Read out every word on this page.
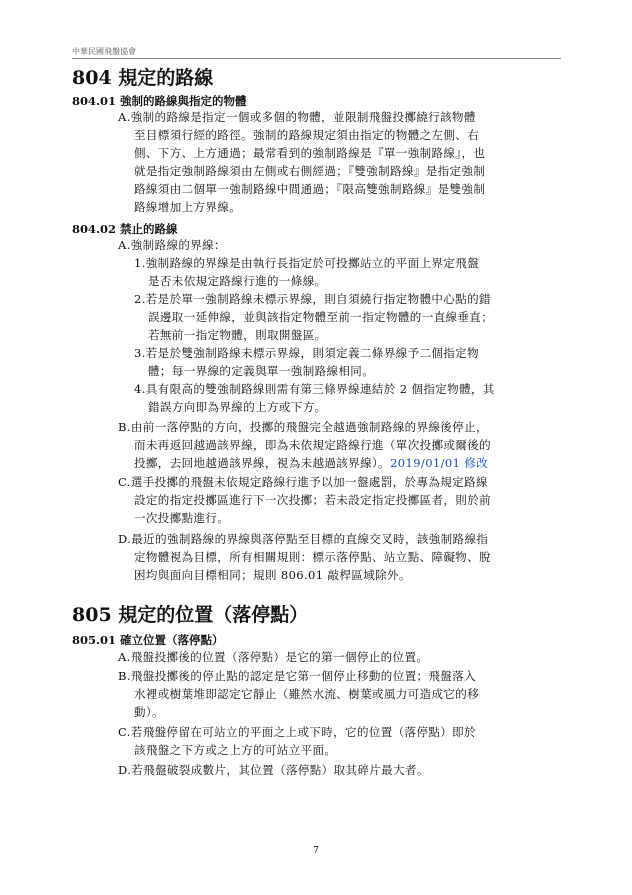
中華民國飛盤協會
804 規定的路線
804.01 強制的路線與指定的物體
A.強制的路線是指定一個或多個的物體，並限制飛盤投擲繞行該物體
至目標須行經的路徑。強制的路線規定須由指定的物體之左側、右
側、下方、上方通過；最常看到的強制路線是『單一強制路線』，也
就是指定強制路線須由左側或右側經過；『雙強制路線』是指定強制
路線須由二個單一強制路線中間通過；『限高雙強制路線』是雙強制
路線增加上方界線。
804.02 禁止的路線
A.強制路線的界線：
1.強制路線的界線是由執行長指定於可投擲站立的平面上界定飛盤
是否未依規定路線行進的一條線。
2.若是於單一強制路線未標示界線，則自須繞行指定物體中心點的錯
誤邊取一延伸線，並與該指定物體至前一指定物體的一直線垂直；
若無前一指定物體，則取開盤區。
3.若是於雙強制路線未標示界線，則須定義二條界線予二個指定物
體；每一界線的定義與單一強制路線相同。
4.具有限高的雙強制路線則需有第三條界線連結於 2 個指定物體，其
錯誤方向即為界線的上方或下方。
B.由前一落停點的方向，投擲的飛盤完全越過強制路線的界線後停止，
而未再返回越過該界線，即為未依規定路線行進（單次投擲或爾後的
投擲，去回地越過該界線，視為未越過該界線）。2019/01/01 修改
C.選手投擲的飛盤未依規定路線行進予以加一盤處罰，於專為規定路線
設定的指定投擲區進行下一次投擲；若未設定指定投擲區者，則於前
一次投擲點進行。
D.最近的強制路線的界線與落停點至目標的直線交叉時，該強制路線指
定物體視為目標，所有相關規則：標示落停點、站立點、障礙物、脫
困均與面向目標相同；規則 806.01 敲桿區域除外。
805 規定的位置（落停點）
805.01 確立位置（落停點）
A.飛盤投擲後的位置（落停點）是它的第一個停止的位置。
B.飛盤投擲後的停止點的認定是它第一個停止移動的位置；飛盤落入
水裡或樹葉堆即認定它靜止（雖然水流、樹葉或風力可造成它的移
動）。
C.若飛盤停留在可站立的平面之上或下時，它的位置（落停點）即於
該飛盤之下方或之上方的可站立平面。
D.若飛盤破裂成數片，其位置（落停點）取其碎片最大者。
7
